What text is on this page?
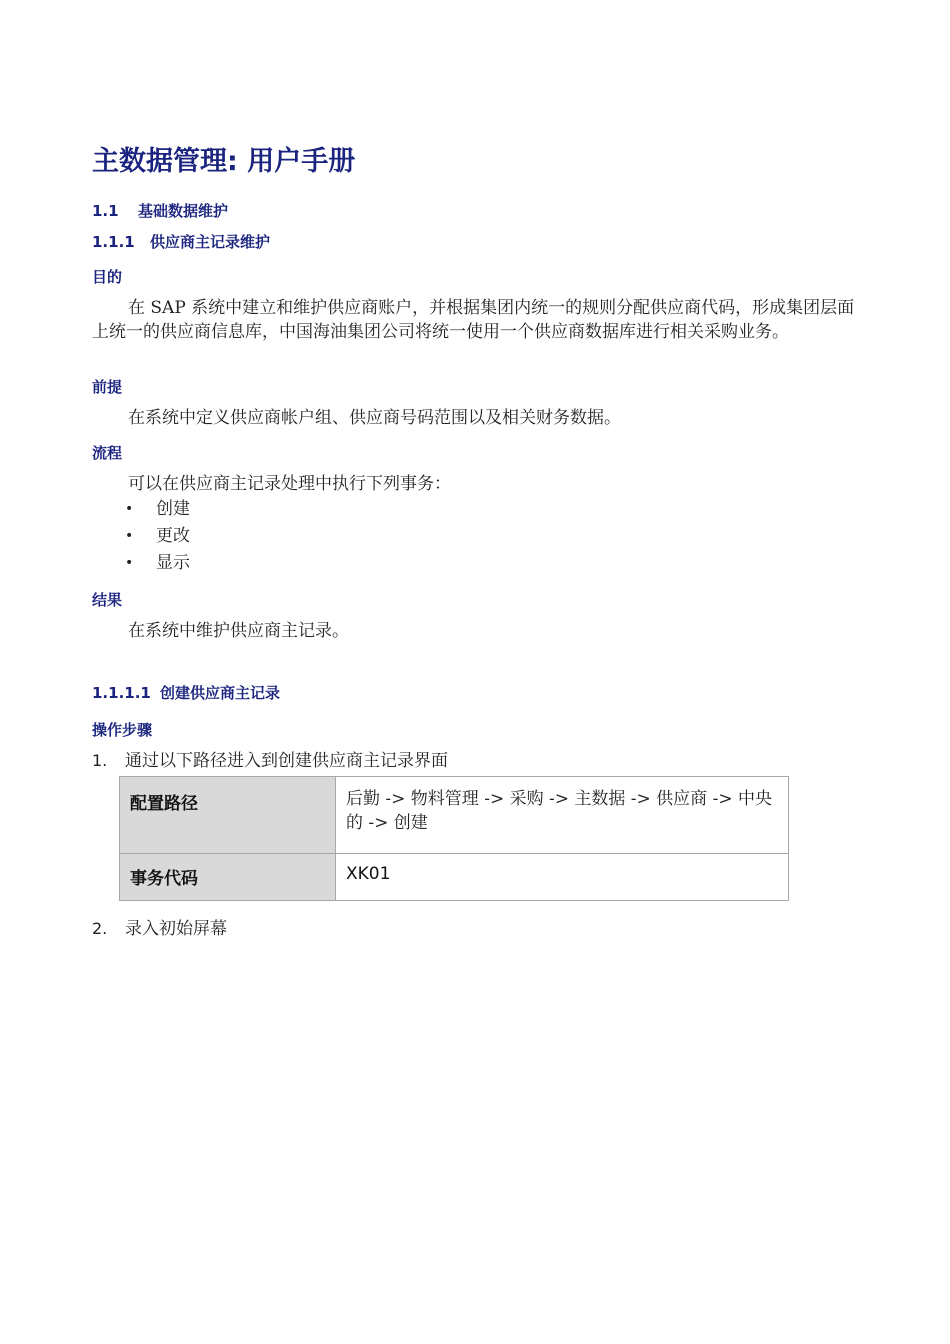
主数据管理: 用户手册
1.1 基础数据维护
1.1.1 供应商主记录维护
目的

在 SAP 系统中建立和维护供应商账户，并根据集团内统一的规则分配供应商代码，形成集团层面上统一的供应商信息库，中国海油集团公司将统一使用一个供应商数据库进行相关采购业务。

前提

在系统中定义供应商帐户组、供应商号码范围以及相关财务数据。

流程

可以在供应商主记录处理中执行下列事务：

• 创建
• 更改
• 显示
结果

在系统中维护供应商主记录。

1.1.1.1 创建供应商主记录
操作步骤

1. 通过以下路径进入到创建供应商主记录界面

配置路径	后勤 -> 物料管理 -> 采购 -> 主数据 -> 供应商 -> 中央的 -> 创建
事务代码	XK01

2. 录入初始屏幕
